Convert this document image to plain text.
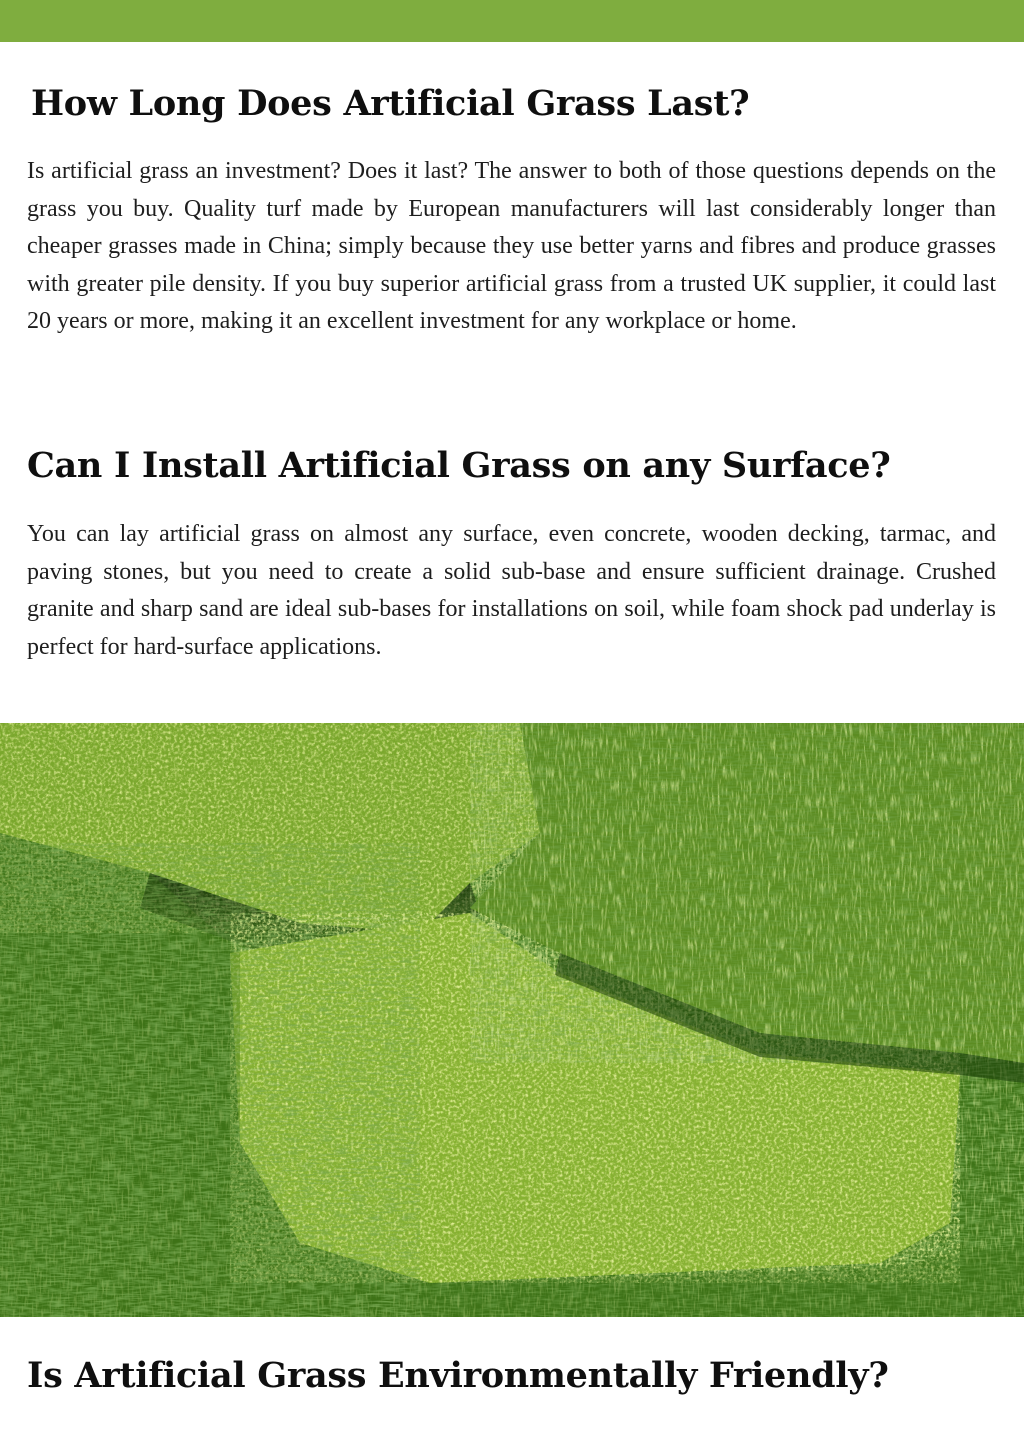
How Long Does Artificial Grass Last?

Is artificial grass an investment? Does it last? The answer to both of those questions depends on the grass you buy. Quality turf made by European manufacturers will last considerably longer than cheaper grasses made in China; simply because they use better yarns and fibres and produce grasses with greater pile density. If you buy superior artificial grass from a trusted UK supplier, it could last 20 years or more, making it an excellent investment for any workplace or home.

Can I Install Artificial Grass on any Surface?

You can lay artificial grass on almost any surface, even concrete, wooden decking, tarmac, and paving stones, but you need to create a solid sub-base and ensure sufficient drainage. Crushed granite and sharp sand are ideal sub-bases for installations on soil, while foam shock pad underlay is perfect for hard-surface applications.

Is Artificial Grass Environmentally Friendly?
